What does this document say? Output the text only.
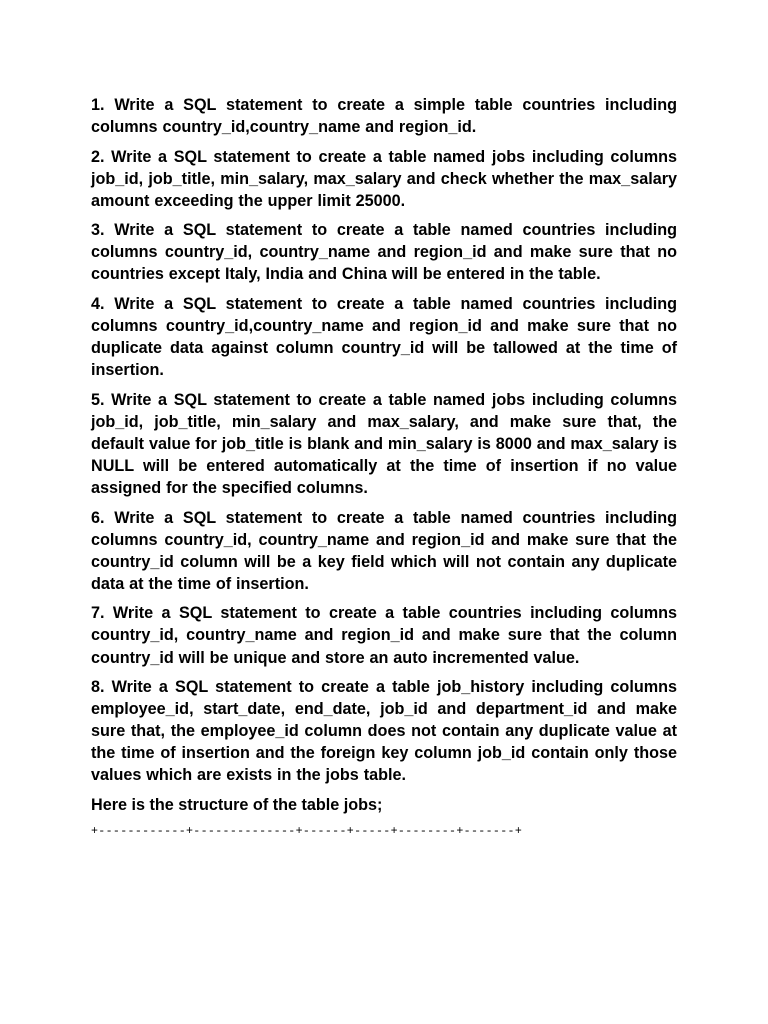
1. Write a SQL statement to create a simple table countries including columns country_id,country_name and region_id.

2. Write a SQL statement to create a table named jobs including columns job_id, job_title, min_salary, max_salary and check whether the max_salary amount exceeding the upper limit 25000.

3. Write a SQL statement to create a table named countries including columns country_id, country_name and region_id and make sure that no countries except Italy, India and China will be entered in the table.

4. Write a SQL statement to create a table named countries including columns country_id,country_name and region_id and make sure that no duplicate data against column country_id will be tallowed at the time of insertion.

5. Write a SQL statement to create a table named jobs including columns job_id, job_title, min_salary and max_salary, and make sure that, the default value for job_title is blank and min_salary is 8000 and max_salary is NULL will be entered automatically at the time of insertion if no value assigned for the specified columns.

6. Write a SQL statement to create a table named countries including columns country_id, country_name and region_id and make sure that the country_id column will be a key field which will not contain any duplicate data at the time of insertion.

7. Write a SQL statement to create a table countries including columns country_id, country_name and region_id and make sure that the column country_id will be unique and store an auto incremented value.

8. Write a SQL statement to create a table job_history including columns employee_id, start_date, end_date, job_id and department_id and make sure that, the employee_id column does not contain any duplicate value at the time of insertion and the foreign key column job_id contain only those values which are exists in the jobs table.

Here is the structure of the table jobs;

+------------+--------------+------+-----+--------+-------+
